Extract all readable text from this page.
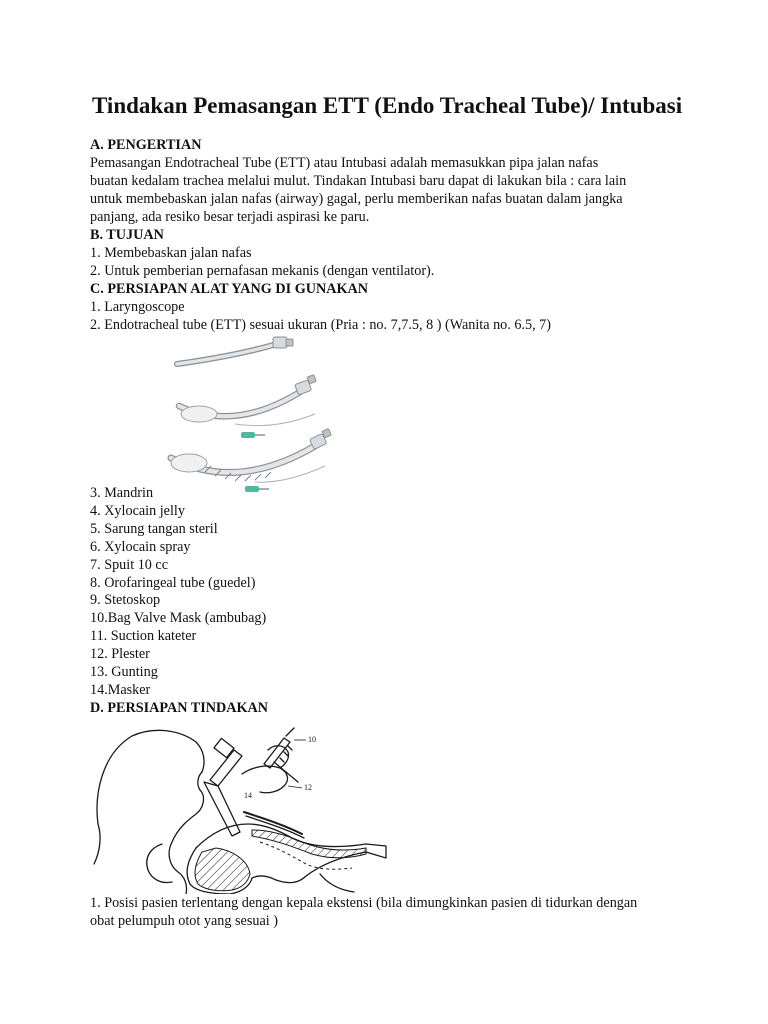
Tindakan Pemasangan ETT (Endo Tracheal Tube)/ Intubasi
A. PENGERTIAN
Pemasangan Endotracheal Tube (ETT) atau Intubasi adalah memasukkan pipa jalan nafas
buatan kedalam trachea melalui mulut. Tindakan Intubasi baru dapat di lakukan bila : cara lain
untuk membebaskan jalan nafas (airway) gagal, perlu memberikan nafas buatan dalam jangka
panjang, ada resiko besar terjadi aspirasi ke paru.
B. TUJUAN
1. Membebaskan jalan nafas
2. Untuk pemberian pernafasan mekanis (dengan ventilator).
C. PERSIAPAN ALAT YANG DI GUNAKAN
1. Laryngoscope
2. Endotracheal tube (ETT) sesuai ukuran (Pria : no. 7,7.5, 8 ) (Wanita no. 6.5, 7)
3. Mandrin
4. Xylocain jelly
5. Sarung tangan steril
6. Xylocain spray
7. Spuit 10 cc
8. Orofaringeal tube (guedel)
9. Stetoskop
10.Bag Valve Mask (ambubag)
11. Suction kateter
12. Plester
13. Gunting
14.Masker
D. PERSIAPAN TINDAKAN
10
12
14
1. Posisi pasien terlentang dengan kepala ekstensi (bila dimungkinkan pasien di tidurkan dengan
obat pelumpuh otot yang sesuai )
